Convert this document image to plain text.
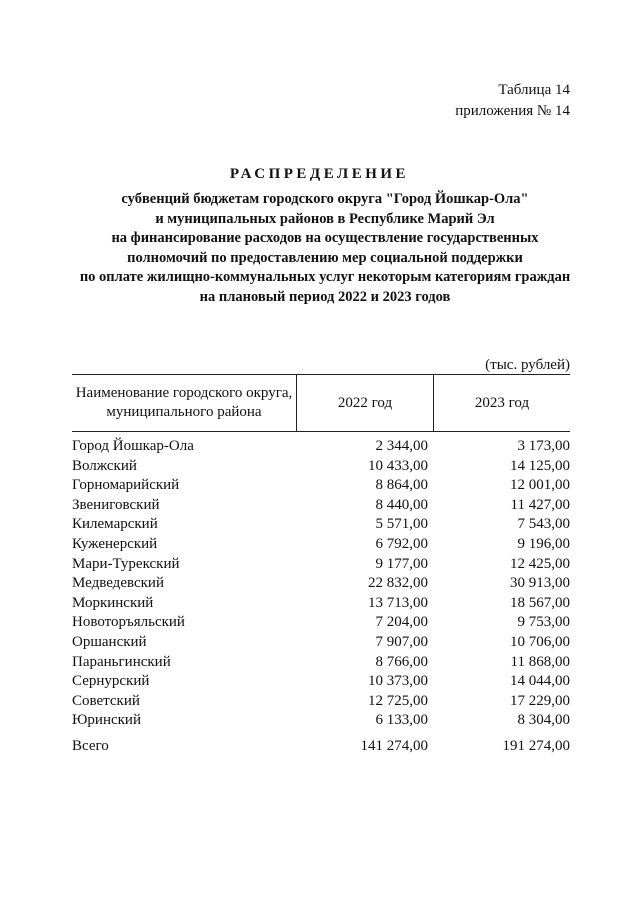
Таблица 14
приложения № 14
РАСПРЕДЕЛЕНИЕ
субвенций бюджетам городского округа "Город Йошкар-Ола"
и муниципальных районов в Республике Марий Эл
на финансирование расходов на осуществление государственных
полномочий по предоставлению мер социальной поддержки
по оплате жилищно-коммунальных услуг некоторым категориям граждан
на плановый период 2022 и 2023 годов
(тыс. рублей)
Наименование городского округа, муниципального района
2022 год	2023 год
Город Йошкар-Ола	2 344,00	3 173,00
Волжский	10 433,00	14 125,00
Горномарийский	8 864,00	12 001,00
Звениговский	8 440,00	11 427,00
Килемарский	5 571,00	7 543,00
Куженерский	6 792,00	9 196,00
Мари-Турекский	9 177,00	12 425,00
Медведевский	22 832,00	30 913,00
Моркинский	13 713,00	18 567,00
Новоторъяльский	7 204,00	9 753,00
Оршанский	7 907,00	10 706,00
Параньгинский	8 766,00	11 868,00
Сернурский	10 373,00	14 044,00
Советский	12 725,00	17 229,00
Юринский	6 133,00	8 304,00
Всего	141 274,00	191 274,00
